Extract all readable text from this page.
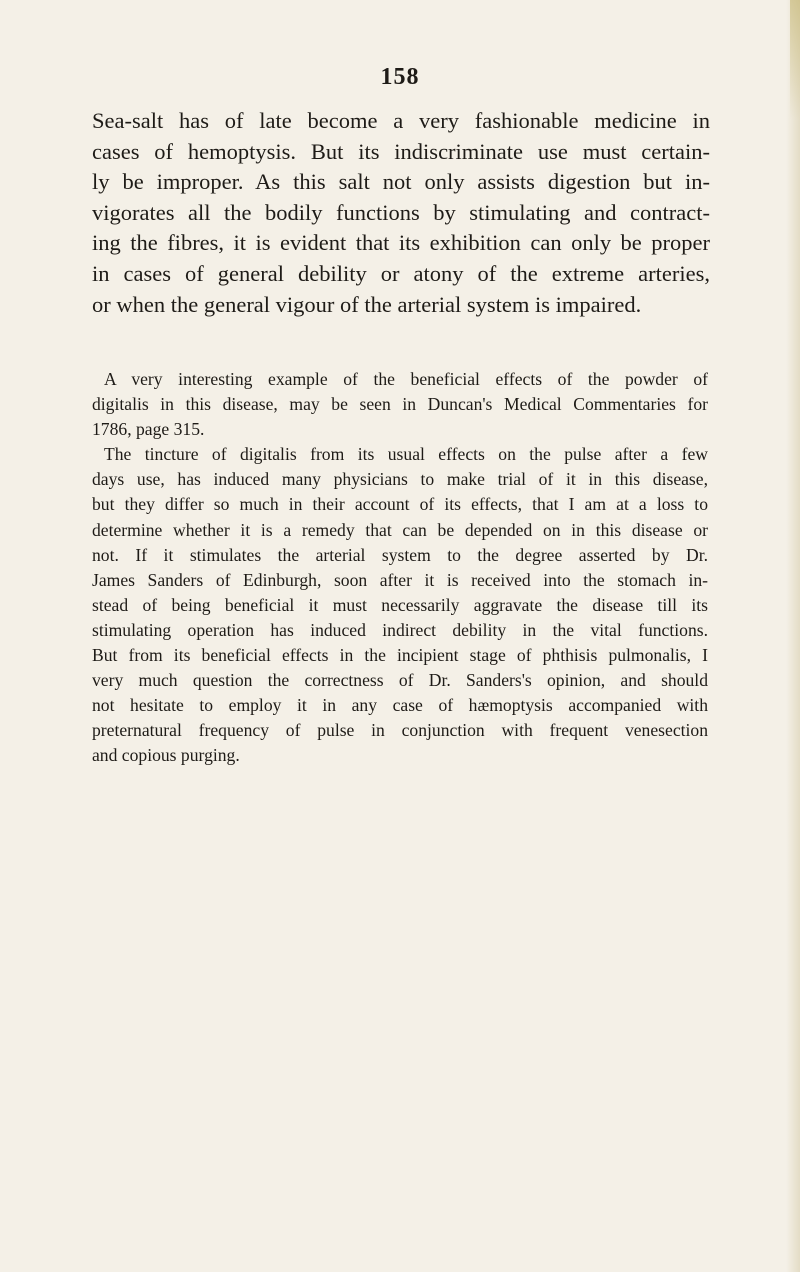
158

Sea-salt has of late become a very fashionable medicine in
cases of hemoptysis. But its indiscriminate use must certain-
ly be improper. As this salt not only assists digestion but in-
vigorates all the bodily functions by stimulating and contract-
ing the fibres, it is evident that its exhibition can only be proper
in cases of general debility or atony of the extreme arteries,
or when the general vigour of the arterial system is impaired.

A very interesting example of the beneficial effects of the powder of
digitalis in this disease, may be seen in Duncan's Medical Commentaries for
1786, page 315.
The tincture of digitalis from its usual effects on the pulse after a few
days use, has induced many physicians to make trial of it in this disease,
but they differ so much in their account of its effects, that I am at a loss to
determine whether it is a remedy that can be depended on in this disease or
not. If it stimulates the arterial system to the degree asserted by Dr.
James Sanders of Edinburgh, soon after it is received into the stomach in-
stead of being beneficial it must necessarily aggravate the disease till its
stimulating operation has induced indirect debility in the vital functions.
But from its beneficial effects in the incipient stage of phthisis pulmonalis, I
very much question the correctness of Dr. Sanders's opinion, and should
not hesitate to employ it in any case of hæmoptysis accompanied with
preternatural frequency of pulse in conjunction with frequent venesection
and copious purging.
